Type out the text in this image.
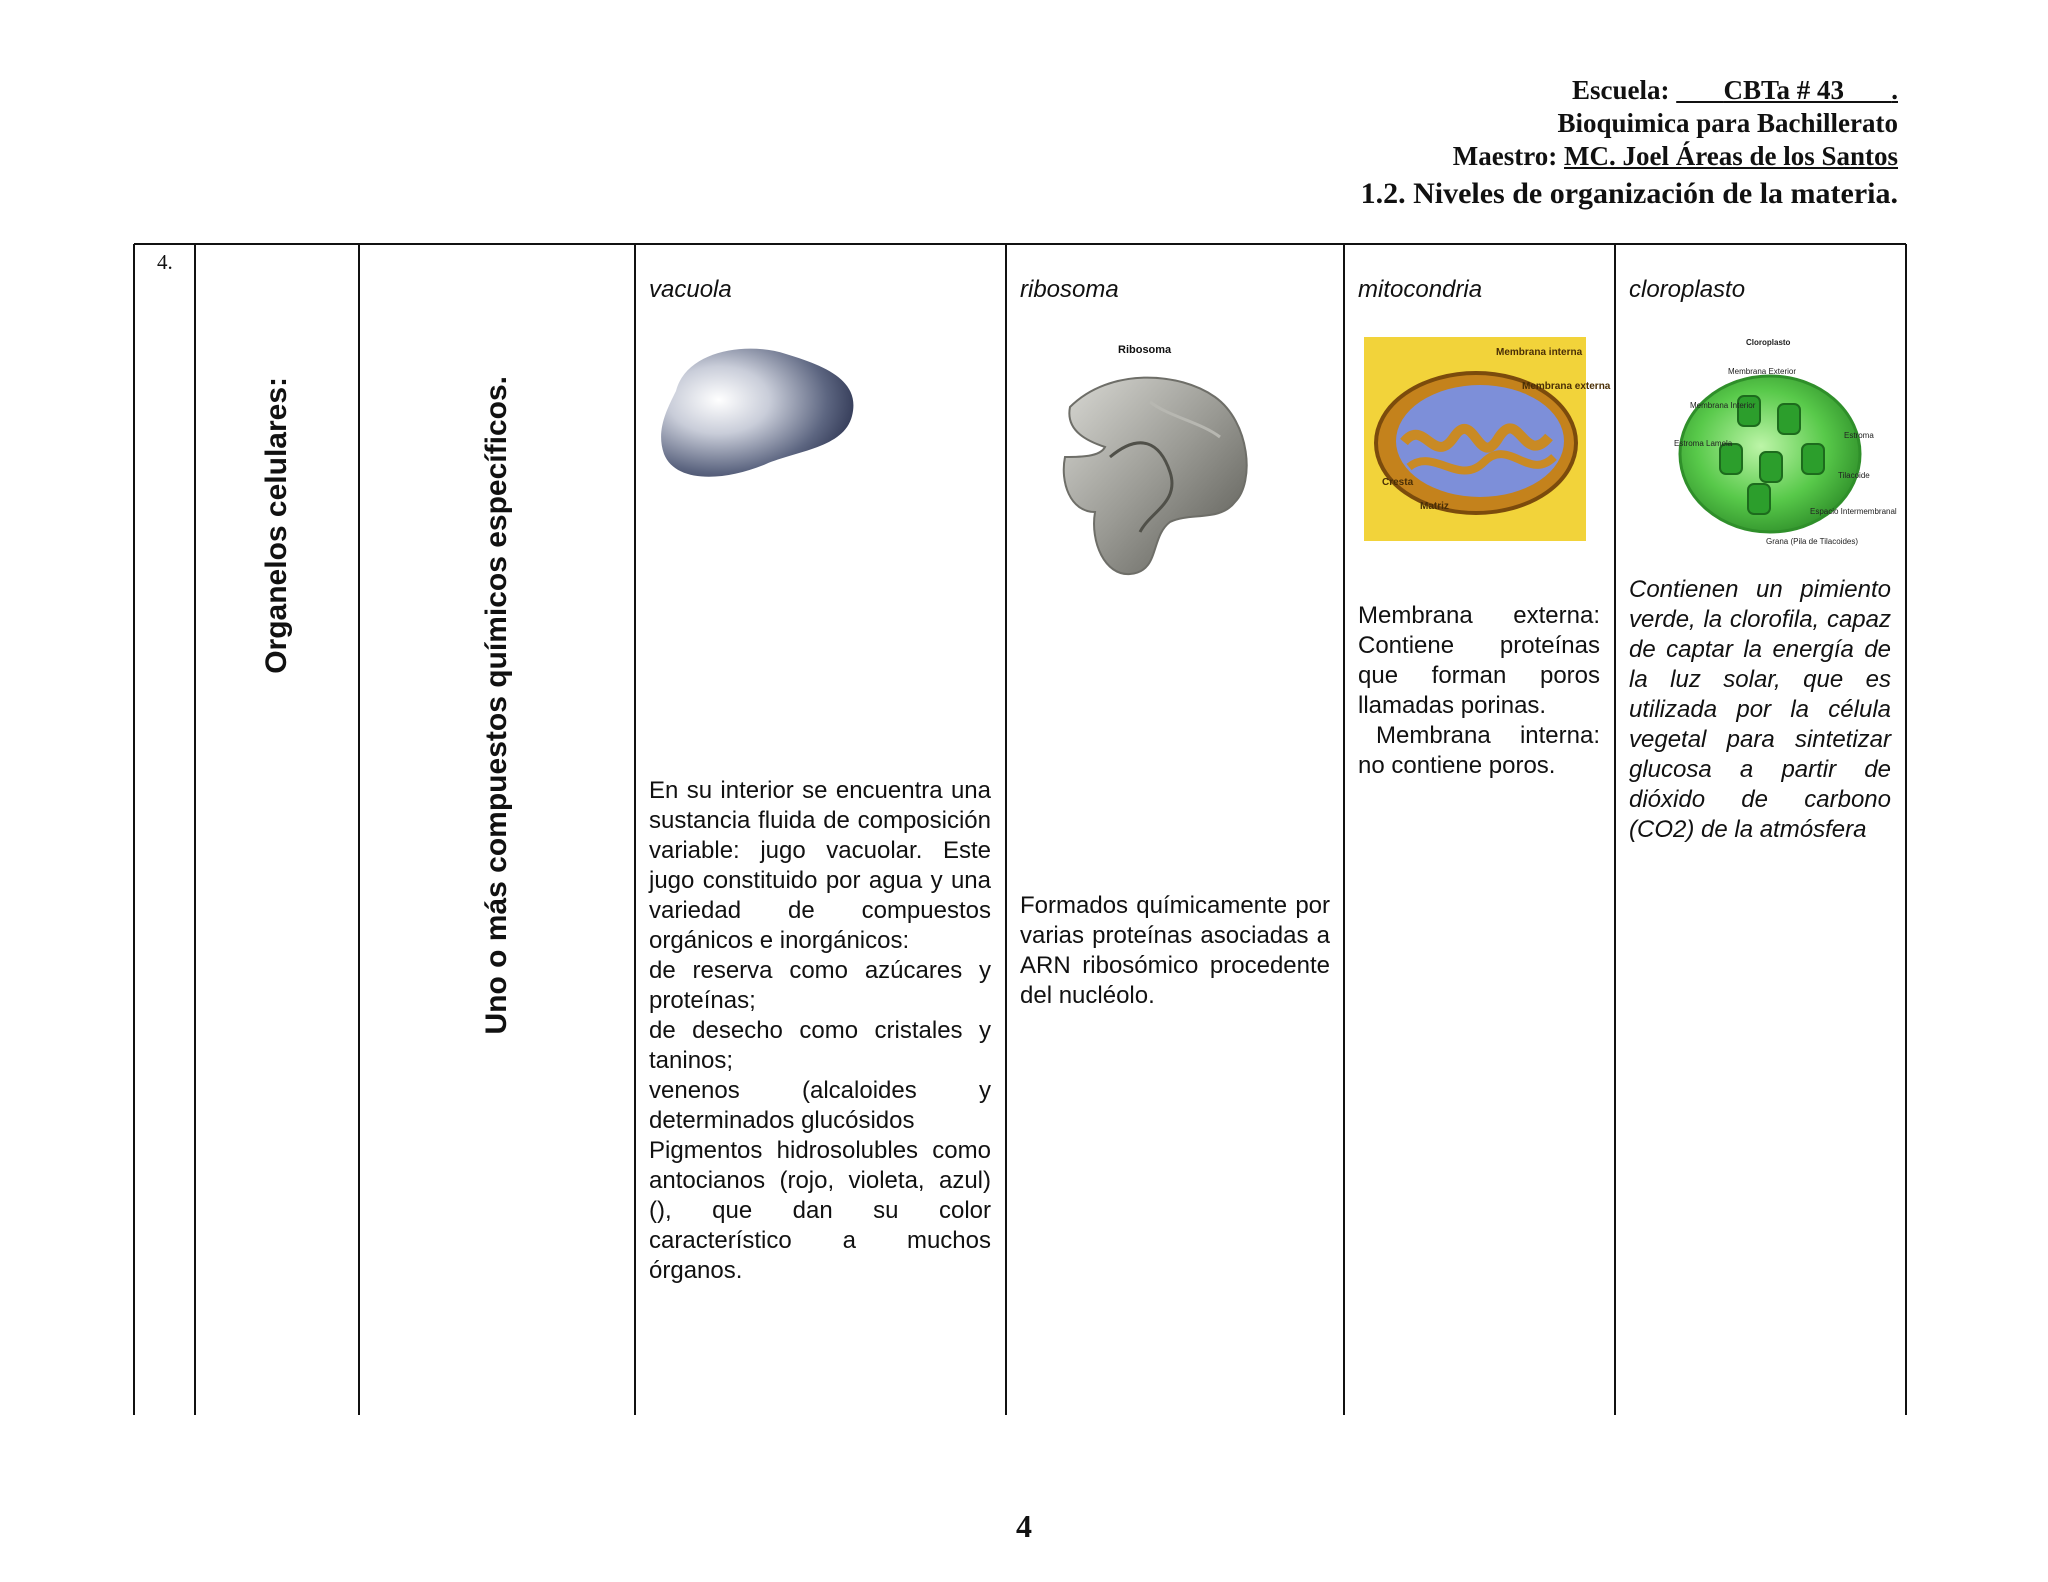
Escuela: CBTa # 43 .
Bioquimica para Bachillerato
Maestro: MC. Joel Áreas de los Santos
1.2. Niveles de organización de la materia.
4.
Organelos celulares:	Uno o más compuestos químicos específicos.
vacuola
En su interior se encuentra una sustancia fluida de composición variable: jugo vacuolar. Este jugo constituido por agua y una variedad de compuestos orgánicos e inorgánicos:
de reserva como azúcares y proteínas;
de desecho como cristales y taninos;
venenos (alcaloides y determinados glucósidos
Pigmentos hidrosolubles como antocianos (rojo, violeta, azul) (), que dan su color característico a muchos órganos.
ribosoma
Ribosoma
Formados químicamente por varias proteínas asociadas a ARN ribosómico procedente del nucléolo.
mitocondria
Membrana interna
Membrana externa
Cresta
Matriz
Membrana externa: Contiene proteínas que forman poros llamadas porinas.
Membrana interna: no contiene poros.
cloroplasto
Cloroplasto
Membrana Exterior
Membrana Interior
Estroma Lamela
Estroma
Tilacoide
Espacio Intermembranal
Grana (Pila de Tilacoides)
Contienen un pimiento verde, la clorofila, capaz de captar la energía de la luz solar, que es utilizada por la célula vegetal para sintetizar glucosa a partir de dióxido de carbono (CO2) de la atmósfera
4
